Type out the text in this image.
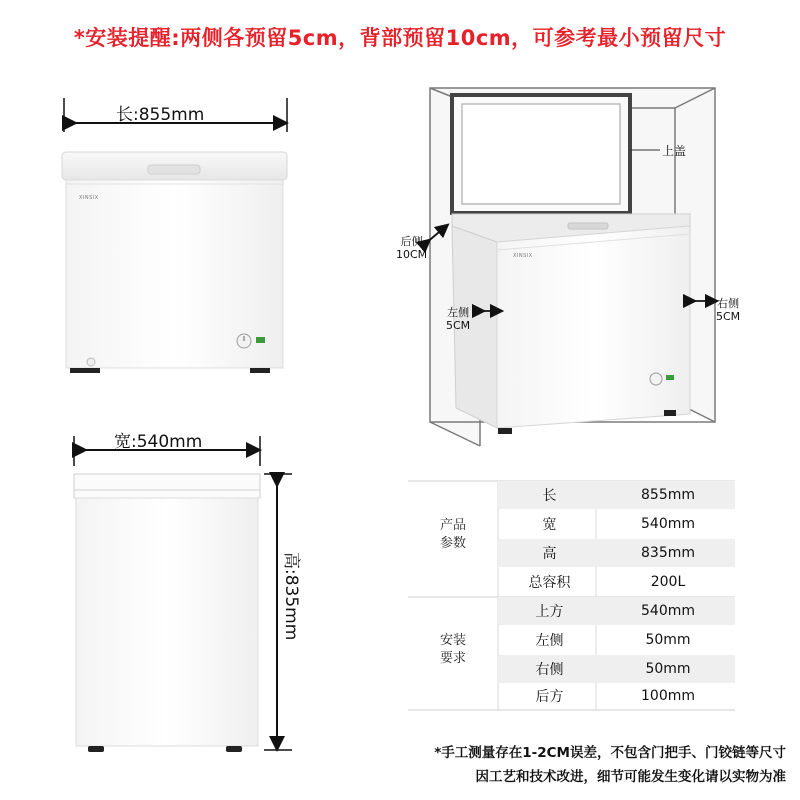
*安装提醒:两侧各预留5cm，背部预留10cm，可参考最小预留尺寸
长:855mm
XINSIX
宽:540mm
高:835mm
上盖
后侧
10CM
左侧
5CM
右侧
5CM
XINSIX
产品
参数
长	855mm
宽	540mm
高	835mm
总容积	200L
安装
要求
上方	540mm
左侧	50mm
右侧	50mm
后方	100mm
*手工测量存在1-2CM误差，不包含门把手、门铰链等尺寸
因工艺和技术改进，细节可能发生变化请以实物为准
